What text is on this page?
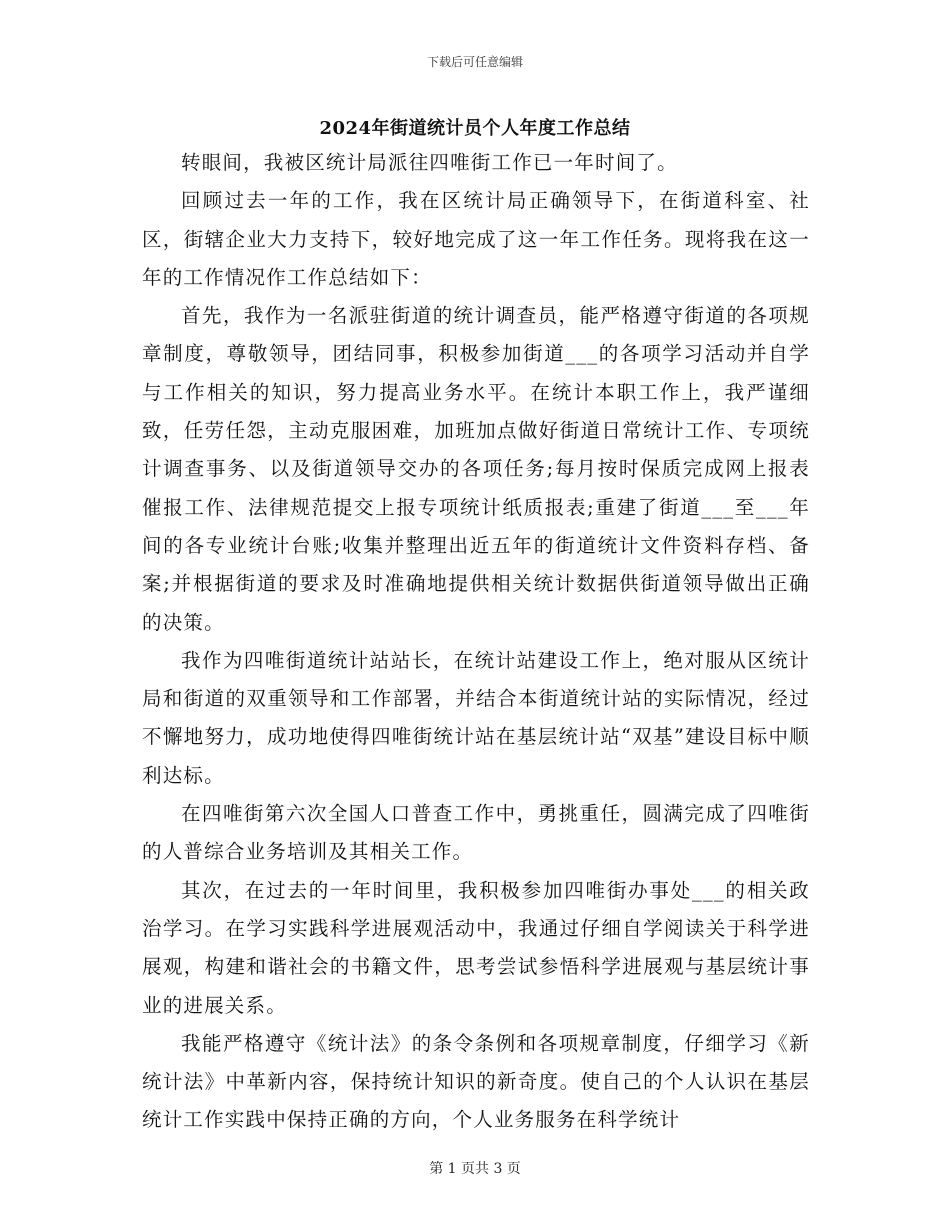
下载后可任意编辑
2024年街道统计员个人年度工作总结

转眼间，我被区统计局派往四唯街工作已一年时间了。

回顾过去一年的工作，我在区统计局正确领导下，在街道科室、社区，街辖企业大力支持下，较好地完成了这一年工作任务。现将我在这一年的工作情况作工作总结如下：

首先，我作为一名派驻街道的统计调查员，能严格遵守街道的各项规章制度，尊敬领导，团结同事，积极参加街道___的各项学习活动并自学与工作相关的知识，努力提高业务水平。在统计本职工作上，我严谨细致，任劳任怨，主动克服困难，加班加点做好街道日常统计工作、专项统计调查事务、以及街道领导交办的各项任务;每月按时保质完成网上报表催报工作、法律规范提交上报专项统计纸质报表;重建了街道___至___年间的各专业统计台账;收集并整理出近五年的街道统计文件资料存档、备案;并根据街道的要求及时准确地提供相关统计数据供街道领导做出正确的决策。

我作为四唯街道统计站站长，在统计站建设工作上，绝对服从区统计局和街道的双重领导和工作部署，并结合本街道统计站的实际情况，经过不懈地努力，成功地使得四唯街统计站在基层统计站“双基”建设目标中顺利达标。

在四唯街第六次全国人口普查工作中，勇挑重任，圆满完成了四唯街的人普综合业务培训及其相关工作。

其次，在过去的一年时间里，我积极参加四唯街办事处___的相关政治学习。在学习实践科学进展观活动中，我通过仔细自学阅读关于科学进展观，构建和谐社会的书籍文件，思考尝试参悟科学进展观与基层统计事业的进展关系。

我能严格遵守《统计法》的条令条例和各项规章制度，仔细学习《新统计法》中革新内容，保持统计知识的新奇度。使自己的个人认识在基层统计工作实践中保持正确的方向，个人业务服务在科学统计

第 1 页共 3 页
